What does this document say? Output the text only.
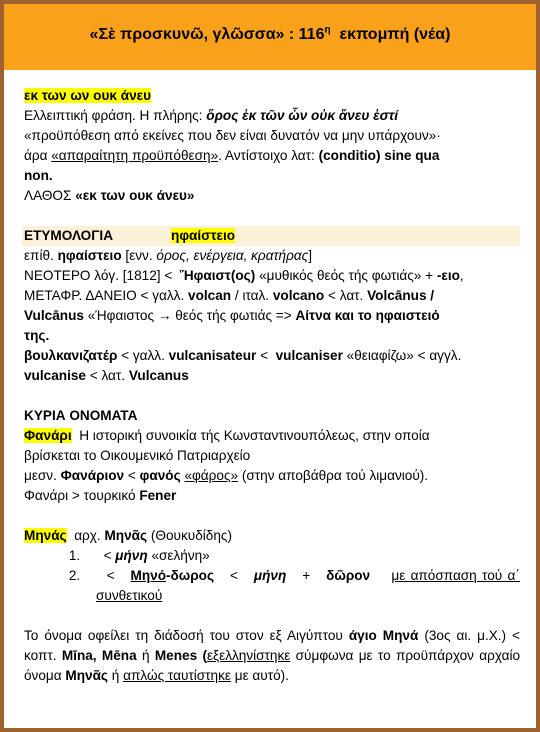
«Σὲ προσκυνῶ, γλῶσσα» : $116^\eta$ εκπομπή (νέα)

εκ των ων ουκ άνευ

Ελλειπτική φράση. Η πλήρης: ὅρος ἐκ τῶν ὧν οὐκ ἄνευ ἐστί

«προϋπόθεση από εκείνες που δεν είναι δυνατόν να μην υπάρχουν»·

άρα «απαραίτητη προϋπόθεση». Αντίστοιχο λατ: (conditio) sine qua

non.

ΛΑΘΟΣ «εκ των ουκ άνευ»

ΕΤΥΜΟΛΟΓΙΑ	ηφαίστειο

επίθ. ηφαίστειο [ενν. όρος, ενέργεια, κρατήρας]

ΝΕΟΤΕΡΟ λόγ. [1812] < Ἥφαιστ(ος) «μυθικός θεός τής φωτιάς» + -ειο,

ΜΕΤΑΦΡ. ΔΑΝΕΙΟ < γαλλ. volcan / ιταλ. volcano < λατ. Volcānus /

Vulcānus «Ήφαιστος → θεός τής φωτιάς => Αίτνα και το ηφαιστειό

της.

βουλκανιζατέρ < γαλλ. vulcanisateur < vulcaniser «θειαφίζω» < αγγλ.

vulcanise < λατ. Vulcanus

ΚΥΡΙΑ ΟΝΟΜΑΤΑ

Φανάρι Η ιστορική συνοικία τής Κωνσταντινουπόλεως, στην οποία

βρίσκεται το Οικουμενικό Πατριαρχείο

μεσν. Φανάριον < φανός «φάρος» (στην αποβάθρα τού λιμανιού).

Φανάρι > τουρκικό Fener

Μηνάς αρχ. Μηνᾶς (Θουκυδίδης)

1. < μήνη «σελήνη»
2. < Μηνό-δωρος < μήνη + δῶρον με απόσπαση τού α΄ συνθετικού

Το όνομα οφείλει τη διάδοσή του στον εξ Αιγύπτου άγιο Μηνά (3ος αι. μ.Χ.) < κοπτ. Mīna, Mēna ή Menes (εξελληνίστηκε σύμφωνα με το προϋπάρχον αρχαίο όνομα Μηνᾶς ή απλώς ταυτίστηκε με αυτό).
